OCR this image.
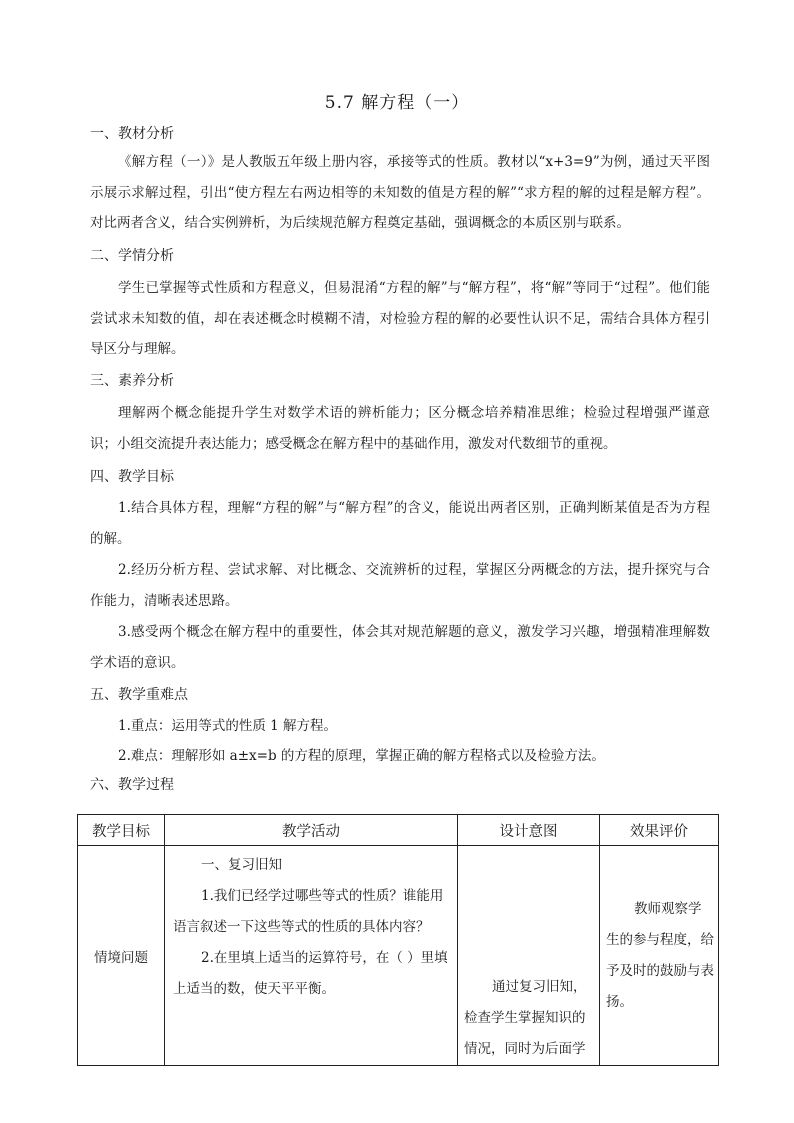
5.7 解方程（一）
一、教材分析
《解方程（一）》是人教版五年级上册内容，承接等式的性质。教材以“x+3=9”为例，通过天平图示展示求解过程，引出“使方程左右两边相等的未知数的值是方程的解”“求方程的解的过程是解方程”。对比两者含义，结合实例辨析，为后续规范解方程奠定基础，强调概念的本质区别与联系。
二、学情分析
学生已掌握等式性质和方程意义，但易混淆“方程的解”与“解方程”，将“解”等同于“过程”。他们能尝试求未知数的值，却在表述概念时模糊不清，对检验方程的解的必要性认识不足，需结合具体方程引导区分与理解。
三、素养分析
理解两个概念能提升学生对数学术语的辨析能力；区分概念培养精准思维；检验过程增强严谨意识；小组交流提升表达能力；感受概念在解方程中的基础作用，激发对代数细节的重视。
四、教学目标
1.结合具体方程，理解“方程的解”与“解方程”的含义，能说出两者区别，正确判断某值是否为方程的解。
2.经历分析方程、尝试求解、对比概念、交流辨析的过程，掌握区分两概念的方法，提升探究与合作能力，清晰表述思路。
3.感受两个概念在解方程中的重要性，体会其对规范解题的意义，激发学习兴趣，增强精准理解数学术语的意识。
五、教学重难点
1.重点：运用等式的性质 1 解方程。
2.难点：理解形如 a±x=b 的方程的原理，掌握正确的解方程格式以及检验方法。
六、教学过程
教学目标	教学活动	设计意图	效果评价
情境问题	一、复习旧知
1.我们已经学过哪些等式的性质？谁能用语言叙述一下这些等式的性质的具体内容？
2.在里填上适当的运算符号，在（ ）里填上适当的数，使天平平衡。	通过复习旧知，检查学生掌握知识的情况，同时为后面学	教师观察学生的参与程度，给予及时的鼓励与表扬。
